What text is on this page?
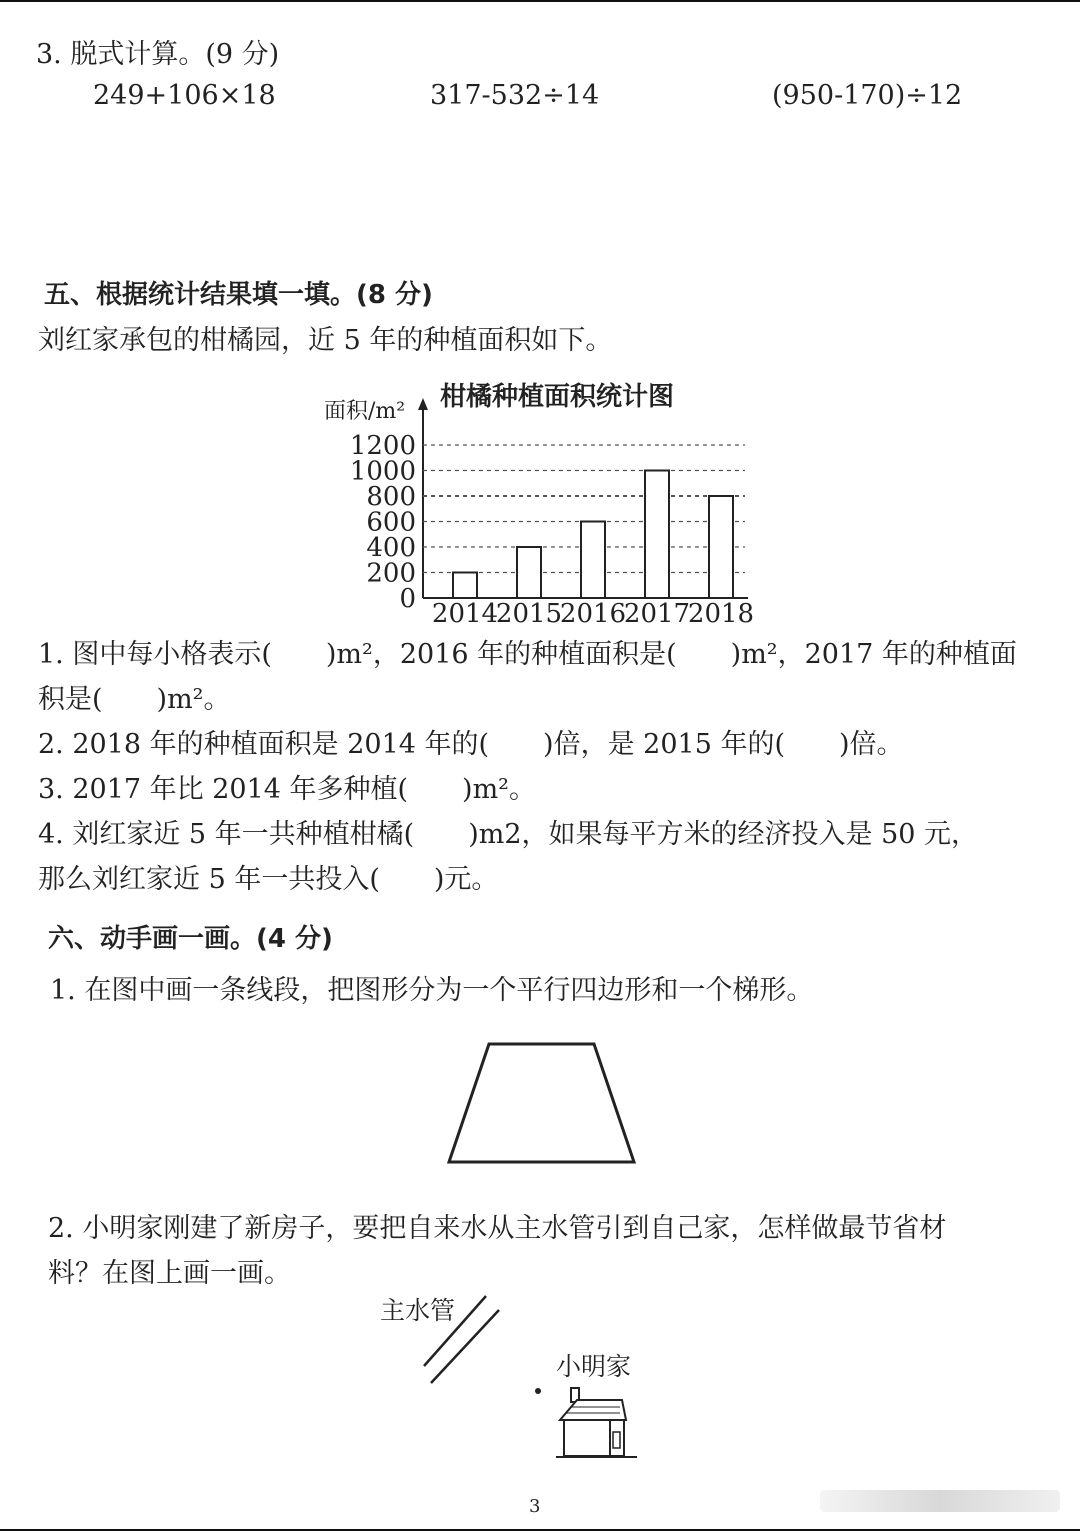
3. 脱式计算。(9 分)
249+106×18	317-532÷14	(950-170)÷12
五、根据统计结果填一填。(8 分)
刘红家承包的柑橘园，近 5 年的种植面积如下。
柑橘种植面积统计图
面积/m²
0
200
400
600
800
1000
1200
2014
2015
2016
2017
2018
1. 图中每小格表示(　　)m²，2016 年的种植面积是(　　)m²，2017 年的种植面
积是(　　)m²。
2. 2018 年的种植面积是 2014 年的(　　)倍，是 2015 年的(　　)倍。
3. 2017 年比 2014 年多种植(　　)m²。
4. 刘红家近 5 年一共种植柑橘(　　)m2，如果每平方米的经济投入是 50 元，
那么刘红家近 5 年一共投入(　　)元。
六、动手画一画。(4 分)
1. 在图中画一条线段，把图形分为一个平行四边形和一个梯形。
2. 小明家刚建了新房子，要把自来水从主水管引到自己家，怎样做最节省材
料？在图上画一画。
主水管
小明家
3
